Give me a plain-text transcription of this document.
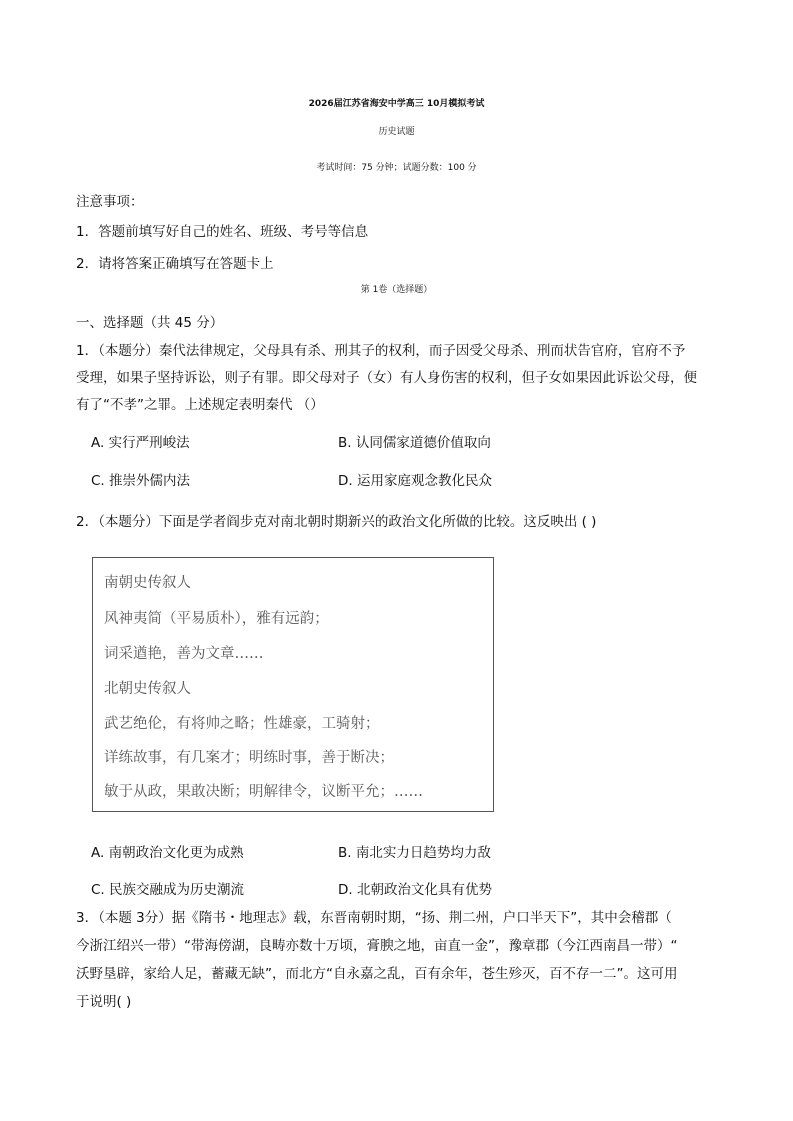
2026届江苏省海安中学高三 10月模拟考试
历史试题
考试时间：75 分钟；试题分数：100 分
注意事项：
1．答题前填写好自己的姓名、班级、考号等信息
2．请将答案正确填写在答题卡上
第 1卷（选择题）
一、选择题（共 45 分）
1．（本题分）秦代法律规定，父母具有杀、刑其子的权利，而子因受父母杀、刑而状告官府，官府不予
受理，如果子坚持诉讼，则子有罪。即父母对子（女）有人身伤害的权利，但子女如果因此诉讼父母，便
有了“不孝”之罪。上述规定表明秦代 （）
A. 实行严刑峻法	B. 认同儒家道德价值取向
C. 推崇外儒内法	D. 运用家庭观念教化民众
2．（本题分）下面是学者阎步克对南北朝时期新兴的政治文化所做的比较。这反映出 ( )
南朝史传叙人
风神夷简（平易质朴），雅有远韵；
词采遒艳，善为文章……
北朝史传叙人
武艺绝伦，有将帅之略；性雄豪，工骑射；
详练故事，有几案才；明练时事，善于断决；
敏于从政，果敢决断；明解律令，议断平允；……
A. 南朝政治文化更为成熟	B. 南北实力日趋势均力敌
C. 民族交融成为历史潮流	D. 北朝政治文化具有优势
3．（本题 3分）据《隋书・地理志》载，东晋南朝时期，“扬、荆二州，户口半天下”，其中会稽郡（
今浙江绍兴一带）“带海傍湖，良畴亦数十万顷，膏腴之地，亩直一金”，豫章郡（今江西南昌一带）“
沃野垦辟，家给人足，蓄藏无缺”，而北方“自永嘉之乱，百有余年，苍生殄灭，百不存一二”。这可用
于说明( )
